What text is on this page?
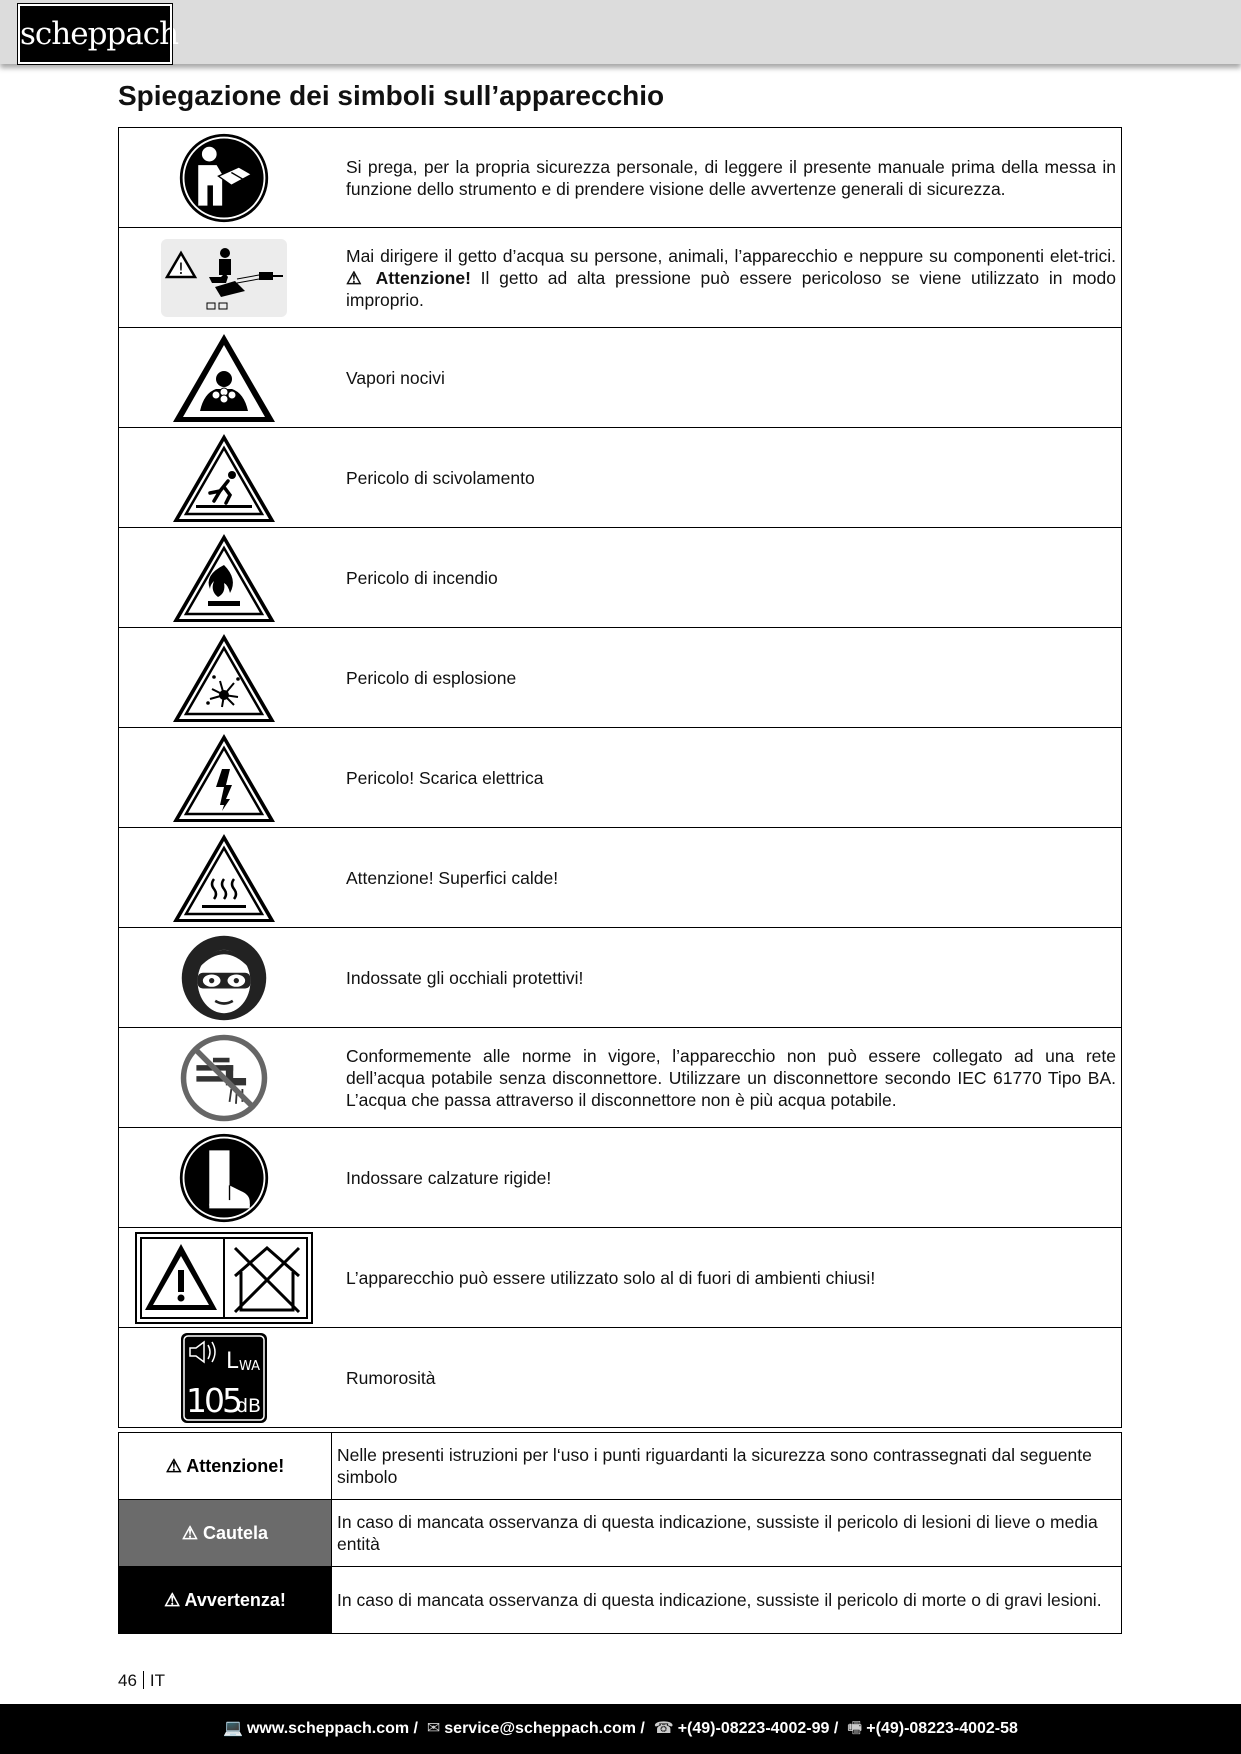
scheppach
Spiegazione dei simboli sull’apparecchio
	Si prega, per la propria sicurezza personale, di leggere il presente manuale prima della messa in funzione dello strumento e di prendere visione delle avvertenze generali di sicurezza.

!	Mai dirigere il getto d’acqua su persone, animali, l’apparecchio e neppure su componenti elet-trici. ⚠ Attenzione! Il getto ad alta pressione può essere pericoloso se viene utilizzato in modo improprio.
	Vapori nocivi
	Pericolo di scivolamento
	Pericolo di incendio
	Pericolo di esplosione
	Pericolo! Scarica elettrica
	Attenzione! Superfici calde!
	Indossate gli occhiali protettivi!
	Conformemente alle norme in vigore, l’apparecchio non può essere collegato ad una rete dell’acqua potabile senza disconnettore. Utilizzare un disconnettore secondo IEC 61770 Tipo BA. L’acqua che passa attraverso il disconnettore non è più acqua potabile.
	Indossare calzature rigide!
	L’apparecchio può essere utilizzato solo al di fuori di ambienti chiusi!

L WA
105
dB	Rumorosità
⚠ Attenzione!	Nelle presenti istruzioni per l‘uso i punti riguardanti la sicurezza sono contrassegnati dal seguente simbolo
⚠ Cautela	In caso di mancata osservanza di questa indicazione, sussiste il pericolo di lesioni di lieve o media entità
⚠ Avvertenza!	In caso di mancata osservanza di questa indicazione, sussiste il pericolo di morte o di gravi lesioni.
46 IT
💻 www.scheppach.com / ✉ service@scheppach.com / ☎ +(49)-08223-4002-99 / 🖷 +(49)-08223-4002-58
